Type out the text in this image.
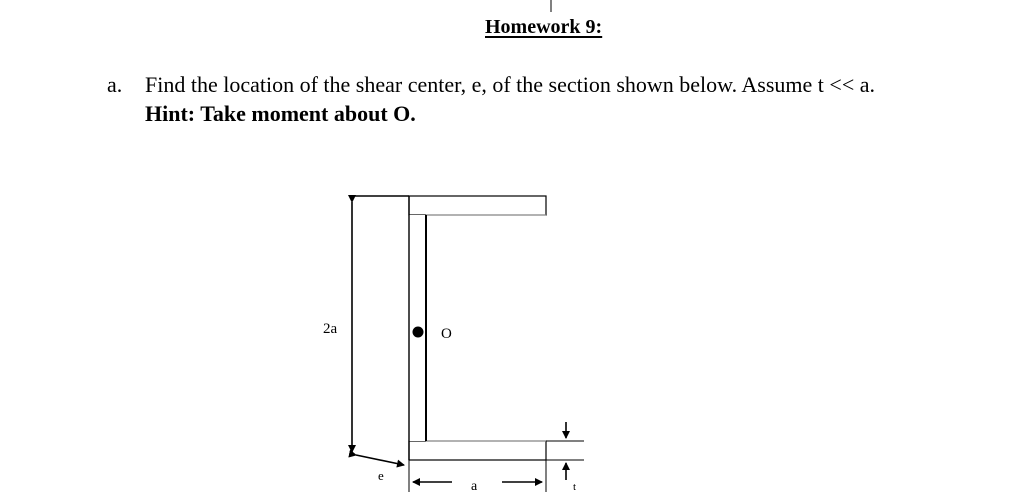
Homework 9:
a. Find the location of the shear center, e, of the section shown below. Assume t << a.
Hint: Take moment about O.
O
2a
e
a	t
